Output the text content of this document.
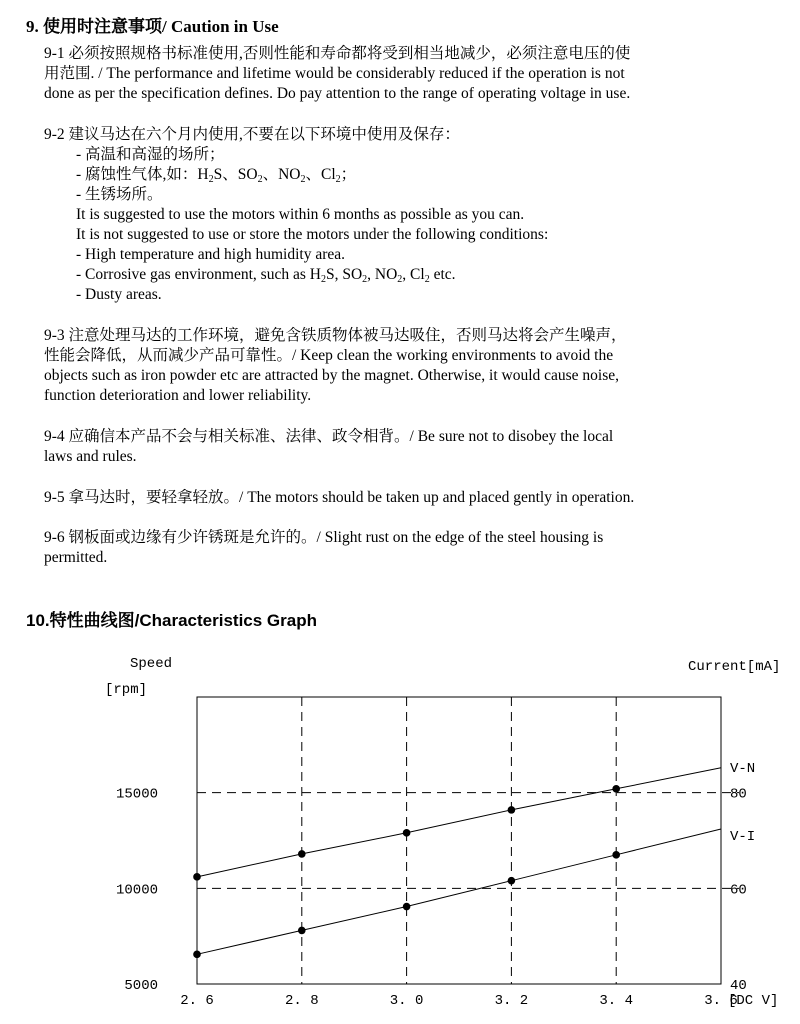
9. 使用时注意事项/ Caution in Use
9-1 必须按照规格书标准使用,否则性能和寿命都将受到相当地减少，必须注意电压的使
用范围. / The performance and lifetime would be considerably reduced if the operation is not
done as per the specification defines. Do pay attention to the range of operating voltage in use.
9-2 建议马达在六个月内使用,不要在以下环境中使用及保存：
- 高温和高湿的场所；
- 腐蚀性气体,如：$H_2S$、$SO_2$、$NO_2$、$Cl_2$；
- 生锈场所。
It is suggested to use the motors within 6 months as possible as you can.
It is not suggested to use or store the motors under the following conditions:
- High temperature and high humidity area.
- Corrosive gas environment, such as $H_2S$, $SO_2$, $NO_2$, $Cl_2$ etc.
- Dusty areas.
9-3 注意处理马达的工作环境，避免含铁质物体被马达吸住，否则马达将会产生噪声，
性能会降低，从而减少产品可靠性。/ Keep clean the working environments to avoid the
objects such as iron powder etc are attracted by the magnet. Otherwise, it would cause noise,
function deterioration and lower reliability.
9-4 应确信本产品不会与相关标准、法律、政令相背。/ Be sure not to disobey the local
laws and rules.
9-5 拿马达时，要轻拿轻放。/ The motors should be taken up and placed gently in operation.
9-6 钢板面或边缘有少许锈斑是允许的。/ Slight rust on the edge of the steel housing is
permitted.
10.特性曲线图/Characteristics Graph
2. 6	2. 8	3. 0	3. 2	3. 4	3. 6
5000
10000
15000
40
60
80
Speed
[rpm]
Current[mA]
[DC V]
V-N
V-I
